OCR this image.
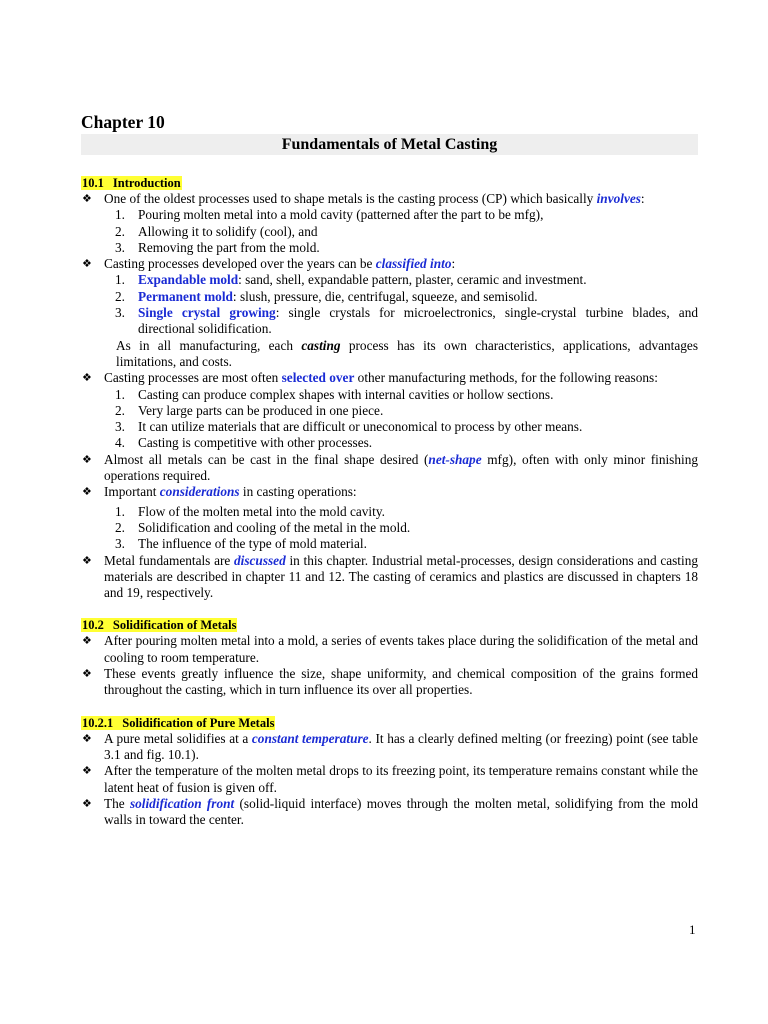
Chapter 10
Fundamentals of Metal Casting
10.1 Introduction
❖ One of the oldest processes used to shape metals is the casting process (CP) which basically involves:
1. Pouring molten metal into a mold cavity (patterned after the part to be mfg),
2. Allowing it to solidify (cool), and
3. Removing the part from the mold.
❖ Casting processes developed over the years can be classified into:
1. Expandable mold: sand, shell, expandable pattern, plaster, ceramic and investment.
2. Permanent mold: slush, pressure, die, centrifugal, squeeze, and semisolid.
3. Single crystal growing: single crystals for microelectronics, single-crystal turbine blades, and directional solidification.
As in all manufacturing, each casting process has its own characteristics, applications, advantages limitations, and costs.
❖ Casting processes are most often selected over other manufacturing methods, for the following reasons:
1. Casting can produce complex shapes with internal cavities or hollow sections.
2. Very large parts can be produced in one piece.
3. It can utilize materials that are difficult or uneconomical to process by other means.
4. Casting is competitive with other processes.
❖ Almost all metals can be cast in the final shape desired (net-shape mfg), often with only minor finishing operations required.
❖ Important considerations in casting operations:
1. Flow of the molten metal into the mold cavity.
2. Solidification and cooling of the metal in the mold.
3. The influence of the type of mold material.
❖ Metal fundamentals are discussed in this chapter. Industrial metal-processes, design considerations and casting materials are described in chapter 11 and 12. The casting of ceramics and plastics are discussed in chapters 18 and 19, respectively.
10.2 Solidification of Metals
❖ After pouring molten metal into a mold, a series of events takes place during the solidification of the metal and cooling to room temperature.
❖ These events greatly influence the size, shape uniformity, and chemical composition of the grains formed throughout the casting, which in turn influence its over all properties.
10.2.1 Solidification of Pure Metals
❖ A pure metal solidifies at a constant temperature. It has a clearly defined melting (or freezing) point (see table 3.1 and fig. 10.1).
❖ After the temperature of the molten metal drops to its freezing point, its temperature remains constant while the latent heat of fusion is given off.
❖ The solidification front (solid-liquid interface) moves through the molten metal, solidifying from the mold walls in toward the center.
1
